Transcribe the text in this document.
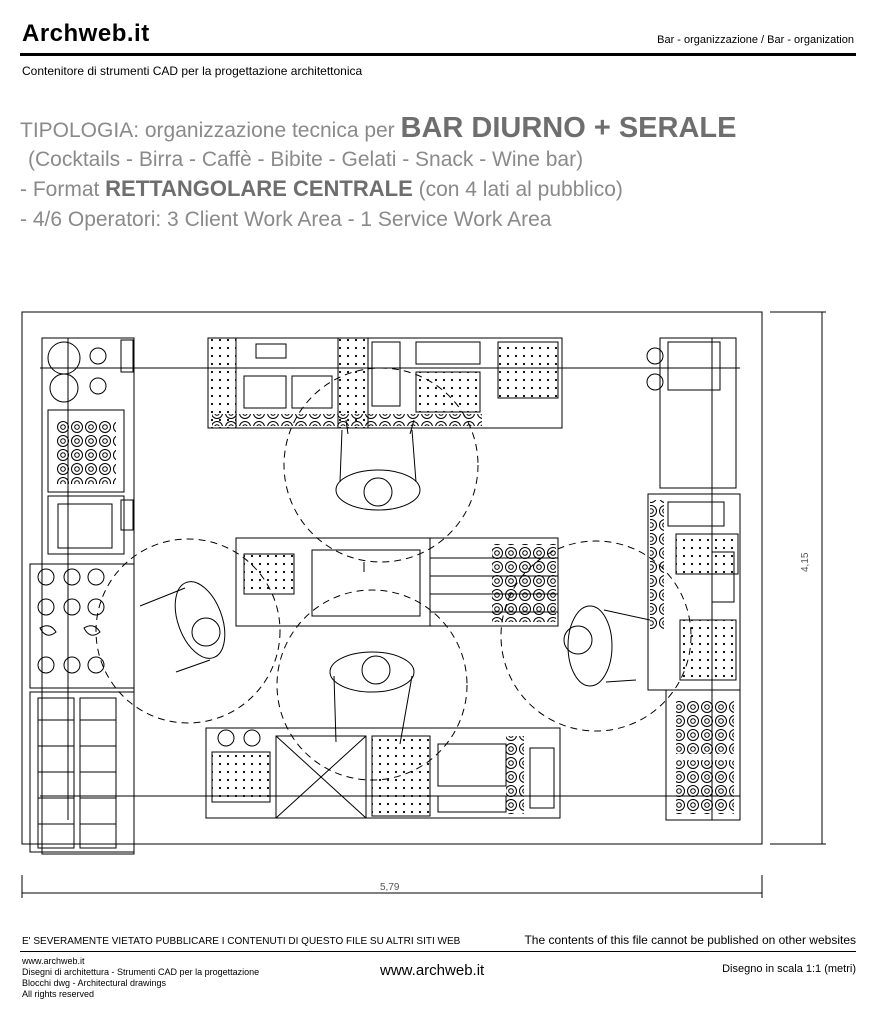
Archweb.it	Bar - organizzazione / Bar - organization
Contenitore di strumenti CAD per la progettazione architettonica
TIPOLOGIA: organizzazione tecnica per BAR DIURNO + SERALE
(Cocktails - Birra - Caffè - Bibite - Gelati - Snack - Wine bar)
- Format RETTANGOLARE CENTRALE (con 4 lati al pubblico)
- 4/6 Operatori: 3 Client Work Area - 1 Service Work Area
5,79
4,15
E' SEVERAMENTE VIETATO PUBBLICARE I CONTENUTI DI QUESTO FILE SU ALTRI SITI WEB	The contents of this file cannot be published on other websites
www.archweb.it
Disegni di architettura - Strumenti CAD per la progettazione
Blocchi dwg - Architectural drawings
All rights reserved
www.archweb.it	Disegno in scala 1:1 (metri)
